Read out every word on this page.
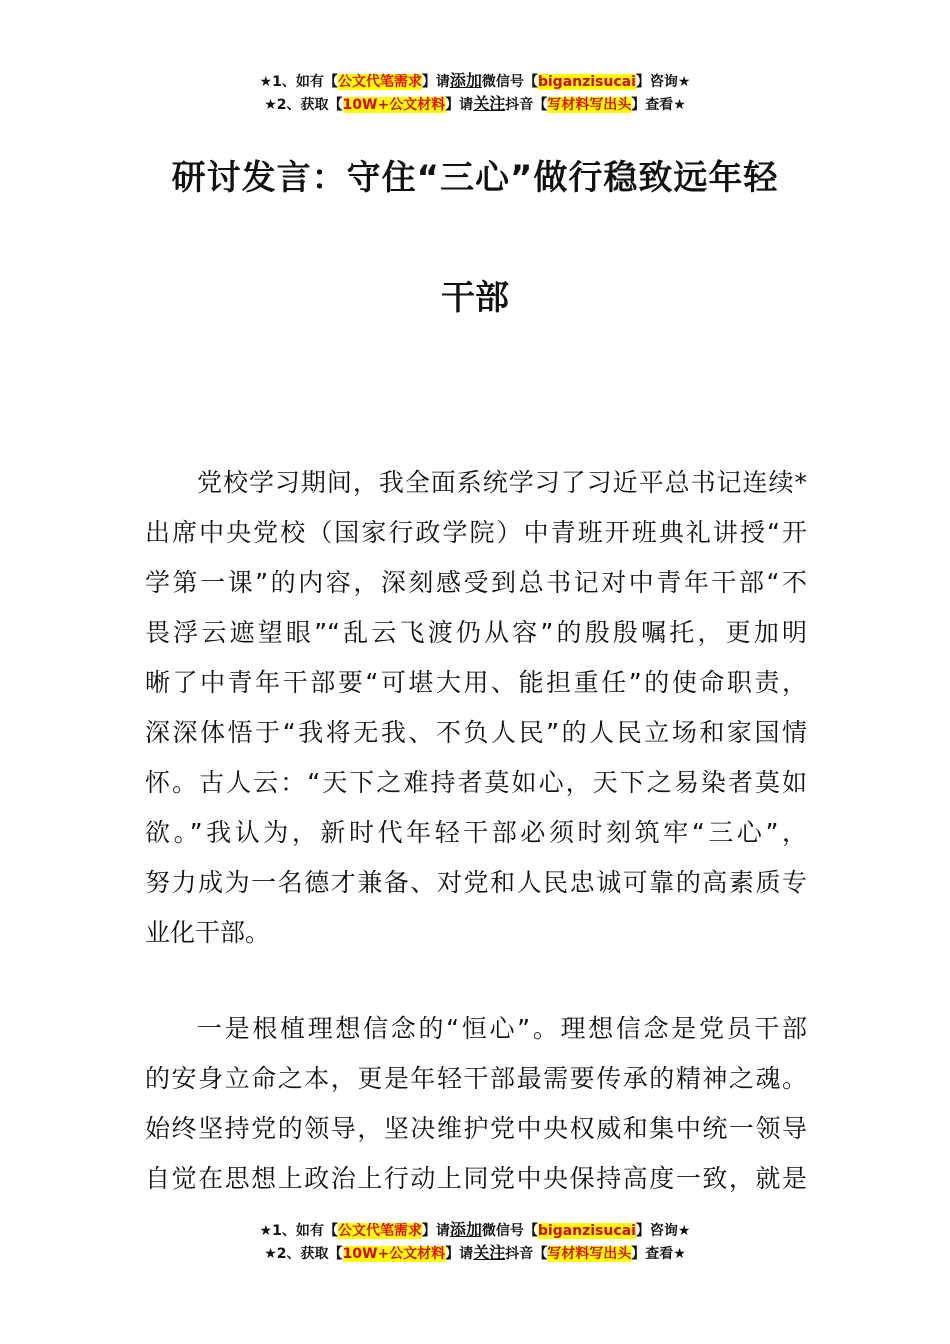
★1、如有【公文代笔需求】请添加微信号【biganzisucai】咨询★
★2、获取【10W+公文材料】请关注抖音【写材料写出头】查看★
研讨发言：守住“三心”做行稳致远年轻
干部
党校学习期间，我全面系统学习了习近平总书记连续*
出席中央党校（国家行政学院）中青班开班典礼讲授“开
学第一课”的内容，深刻感受到总书记对中青年干部“不
畏浮云遮望眼”“乱云飞渡仍从容”的殷殷嘱托，更加明
晰了中青年干部要“可堪大用、能担重任”的使命职责，
深深体悟于“我将无我、不负人民”的人民立场和家国情
怀。古人云：“天下之难持者莫如心，天下之易染者莫如
欲。”我认为，新时代年轻干部必须时刻筑牢“三心”，
努力成为一名德才兼备、对党和人民忠诚可靠的高素质专
业化干部。
一是根植理想信念的“恒心”。理想信念是党员干部
的安身立命之本，更是年轻干部最需要传承的精神之魂。
始终坚持党的领导，坚决维护党中央权威和集中统一领导
自觉在思想上政治上行动上同党中央保持高度一致，就是
★1、如有【公文代笔需求】请添加微信号【biganzisucai】咨询★
★2、获取【10W+公文材料】请关注抖音【写材料写出头】查看★
